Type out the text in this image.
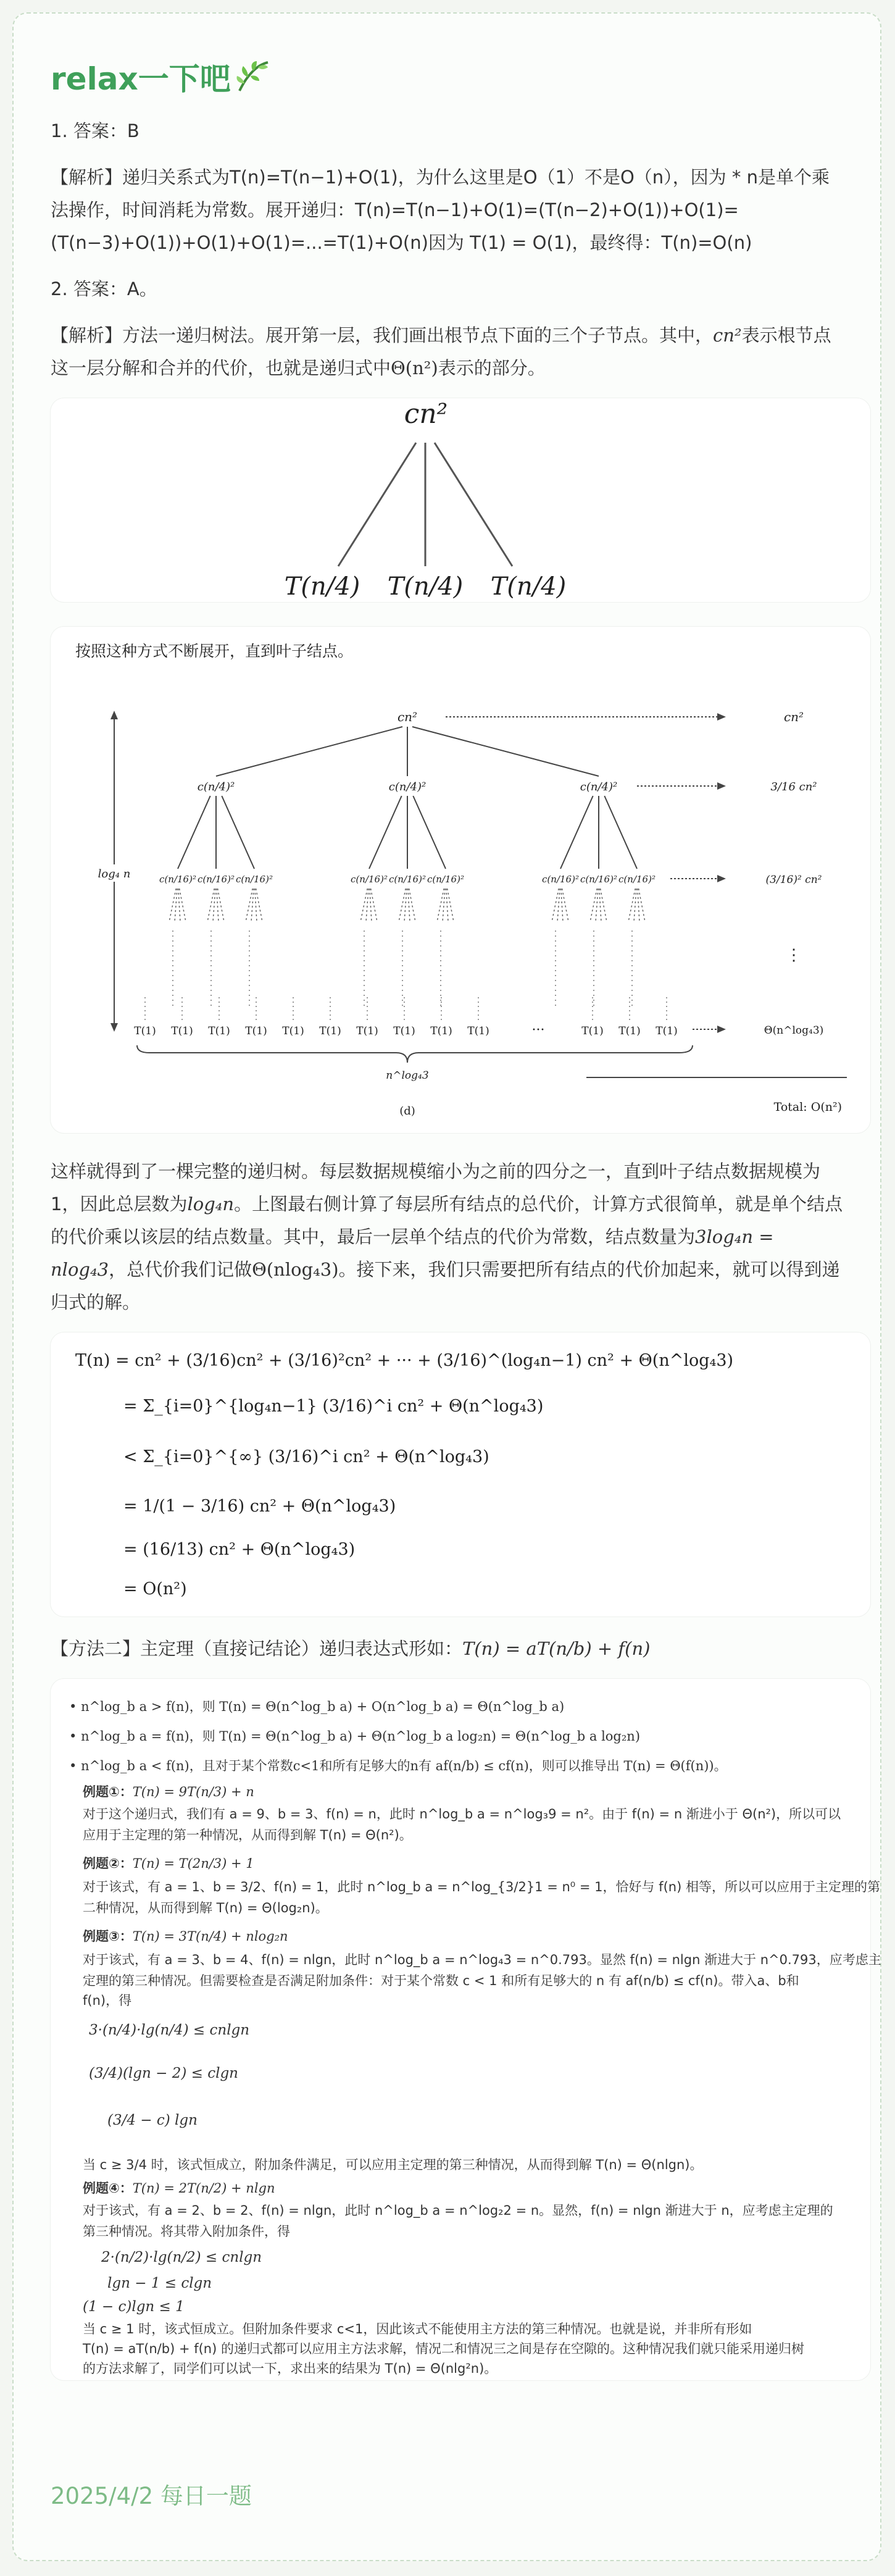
relax一下吧

1. 答案：B

【解析】递归关系式为T(n)=T(n−1)+O(1)，为什么这里是O（1）不是O（n），因为 * n是单个乘法操作，时间消耗为常数。展开递归：T(n)=T(n−1)+O(1)=(T(n−2)+O(1))+O(1)=(T(n−3)+O(1))+O(1)+O(1)=...=T(1)+O(n)因为 T(1) = O(1)，最终得：T(n)=O(n)

2. 答案：A。

【解析】方法一递归树法。展开第一层，我们画出根节点下面的三个子节点。其中，cn²表示根节点这一层分解和合并的代价，也就是递归式中Θ(n²)表示的部分。

cn²
T(n/4) T(n/4) T(n/4)
按照这种方式不断展开，直到叶子结点。
cn²	cn²
c(n/4)²	c(n/4)²	c(n/4)²	3/16 cn²
c(n/16)² c(n/16)² c(n/16)²	c(n/16)² c(n/16)² c(n/16)²	c(n/16)² c(n/16)² c(n/16)²	(3/16)² cn²
⋮
T(1) T(1) T(1) T(1) T(1) T(1) T(1) T(1) T(1) T(1)	T(1) T(1) T(1)
···	Θ(n^log₄3)
log₄ n
n^log₄3
(d)	Total: O(n²)

这样就得到了一棵完整的递归树。每层数据规模缩小为之前的四分之一，直到叶子结点数据规模为1，因此总层数为log₄n。上图最右侧计算了每层所有结点的总代价，计算方式很简单，就是单个结点的代价乘以该层的结点数量。其中，最后一层单个结点的代价为常数，结点数量为3log₄n = nlog₄3，总代价我们记做Θ(nlog₄3)。接下来，我们只需要把所有结点的代价加起来，就可以得到递归式的解。

T(n) = cn² + (3/16)cn² + (3/16)²cn² + ··· + (3/16)^(log₄n−1) cn² + Θ(n^log₄3)
= Σ_{i=0}^{log₄n−1} (3/16)^i cn² + Θ(n^log₄3)
< Σ_{i=0}^{∞} (3/16)^i cn² + Θ(n^log₄3)
= 1/(1 − 3/16) cn² + Θ(n^log₄3)
= (16/13) cn² + Θ(n^log₄3)
= O(n²)

【方法二】主定理（直接记结论）递归表达式形如：T(n) = aT(n/b) + f(n)

• n^log_b a > f(n)，则 T(n) = Θ(n^log_b a) + O(n^log_b a) = Θ(n^log_b a)
• n^log_b a = f(n)，则 T(n) = Θ(n^log_b a) + Θ(n^log_b a log₂n) = Θ(n^log_b a log₂n)
• n^log_b a < f(n)，且对于某个常数c<1和所有足够大的n有 af(n/b) ≤ cf(n)，则可以推导出 T(n) = Θ(f(n))。
例题①：T(n) = 9T(n/3) + n
对于这个递归式，我们有 a = 9、b = 3、f(n) = n，此时 n^log_b a = n^log₃9 = n²。由于 f(n) = n 渐进小于 Θ(n²)，所以可以
应用于主定理的第一种情况，从而得到解 T(n) = Θ(n²)。
例题②：T(n) = T(2n/3) + 1
对于该式，有 a = 1、b = 3/2、f(n) = 1，此时 n^log_b a = n^log_{3/2}1 = n⁰ = 1，恰好与 f(n) 相等，所以可以应用于主定理的第
二种情况，从而得到解 T(n) = Θ(log₂n)。
例题③：T(n) = 3T(n/4) + nlog₂n
对于该式，有 a = 3、b = 4、f(n) = nlgn，此时 n^log_b a = n^log₄3 = n^0.793。显然 f(n) = nlgn 渐进大于 n^0.793，应考虑主
定理的第三种情况。但需要检查是否满足附加条件：对于某个常数 c < 1 和所有足够大的 n 有 af(n/b) ≤ cf(n)。带入a、b和
f(n)，得
3·(n/4)·lg(n/4) ≤ cnlgn
(3/4)(lgn − 2) ≤ clgn
(3/4 − c) lgn
当 c ≥ 3/4 时，该式恒成立，附加条件满足，可以应用主定理的第三种情况，从而得到解 T(n) = Θ(nlgn)。
例题④：T(n) = 2T(n/2) + nlgn
对于该式，有 a = 2、b = 2、f(n) = nlgn，此时 n^log_b a = n^log₂2 = n。显然，f(n) = nlgn 渐进大于 n，应考虑主定理的
第三种情况。将其带入附加条件，得
2·(n/2)·lg(n/2) ≤ cnlgn
lgn − 1 ≤ clgn
(1 − c)lgn ≤ 1
当 c ≥ 1 时，该式恒成立。但附加条件要求 c<1，因此该式不能使用主方法的第三种情况。也就是说，并非所有形如
T(n) = aT(n/b) + f(n) 的递归式都可以应用主方法求解，情况二和情况三之间是存在空隙的。这种情况我们就只能采用递归树
的方法求解了，同学们可以试一下，求出来的结果为 T(n) = Θ(nlg²n)。
2025/4/2 每日一题
